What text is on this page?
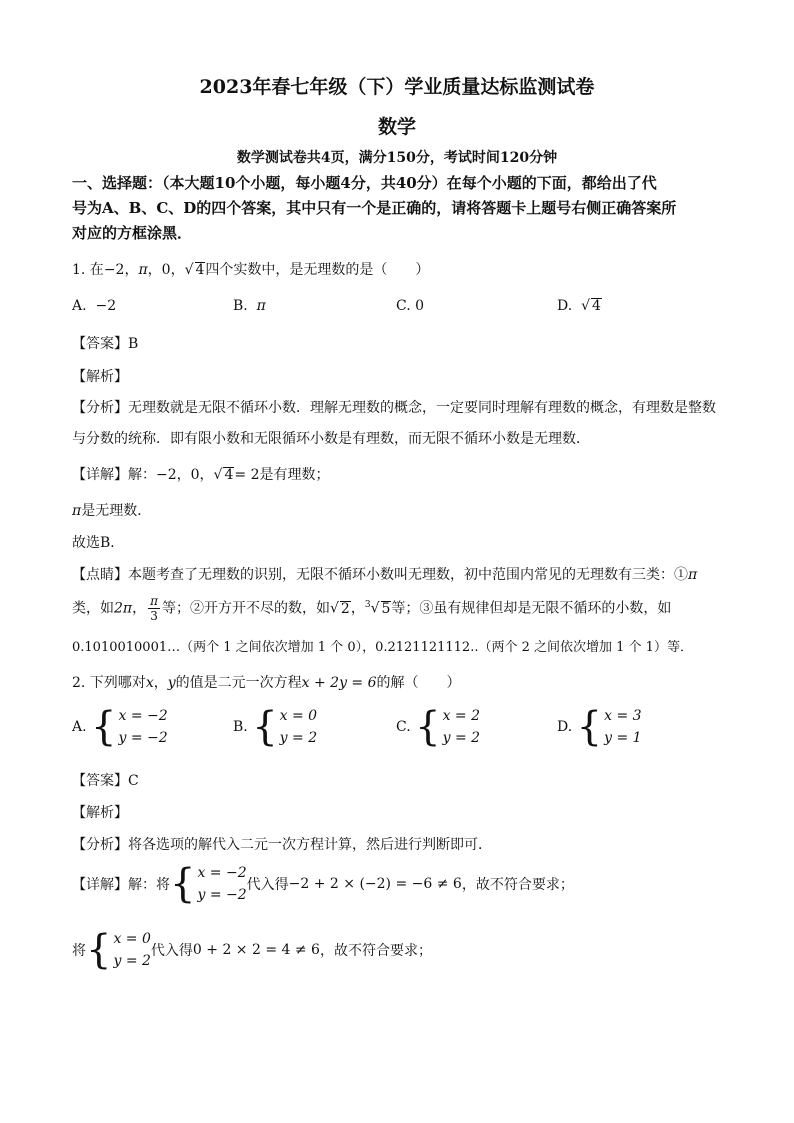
2023年春七年级（下）学业质量达标监测试卷
数学
数学测试卷共4页，满分150分，考试时间120分钟
一、选择题：（本大题10个小题，每小题4分，共40分）在每个小题的下面，都给出了代
号为A、B、C、D的四个答案，其中只有一个是正确的，请将答题卡上题号右侧正确答案所
对应的方框涂黑．
1. 在−2，π，0，√ 4四个实数中，是无理数的是（　　）
A. −2	B. π	C. 0	D. √ 4
【答案】B
【解析】
【分析】无理数就是无限不循环小数．理解无理数的概念，一定要同时理解有理数的概念，有理数是整数
与分数的统称．即有限小数和无限循环小数是有理数，而无限不循环小数是无理数．
【详解】解：−2，0，√ 4= 2是有理数；
π是无理数．
故选B．
【点睛】本题考查了无理数的识别，无限不循环小数叫无理数，初中范围内常见的无理数有三类：①π
类，如2π， $\frac{\pi}{3}$ 等；②开方开不尽的数，如√ 2，$^3$√ 5等；③虽有规律但却是无限不循环的小数，如
0.1010010001…（两个 1 之间依次增加 1 个 0），0.2121121112..（两个 2 之间依次增加 1 个 1）等．
2. 下列哪对x，y的值是二元一次方程x + 2y = 6的解（　　）
A. { x = −2
y = −2
B. { x = 0
y = 2
C. { x = 2
y = 2
D. { x = 3
y = 1
【答案】C
【解析】
【分析】将各选项的解代入二元一次方程计算，然后进行判断即可．
【详解】解：将 { x = −2
y = −2
代入得−2 + 2 × (−2) = −6 ≠ 6，故不符合要求；
将 { x = 0
y = 2
代入得0 + 2 × 2 = 4 ≠ 6，故不符合要求；
